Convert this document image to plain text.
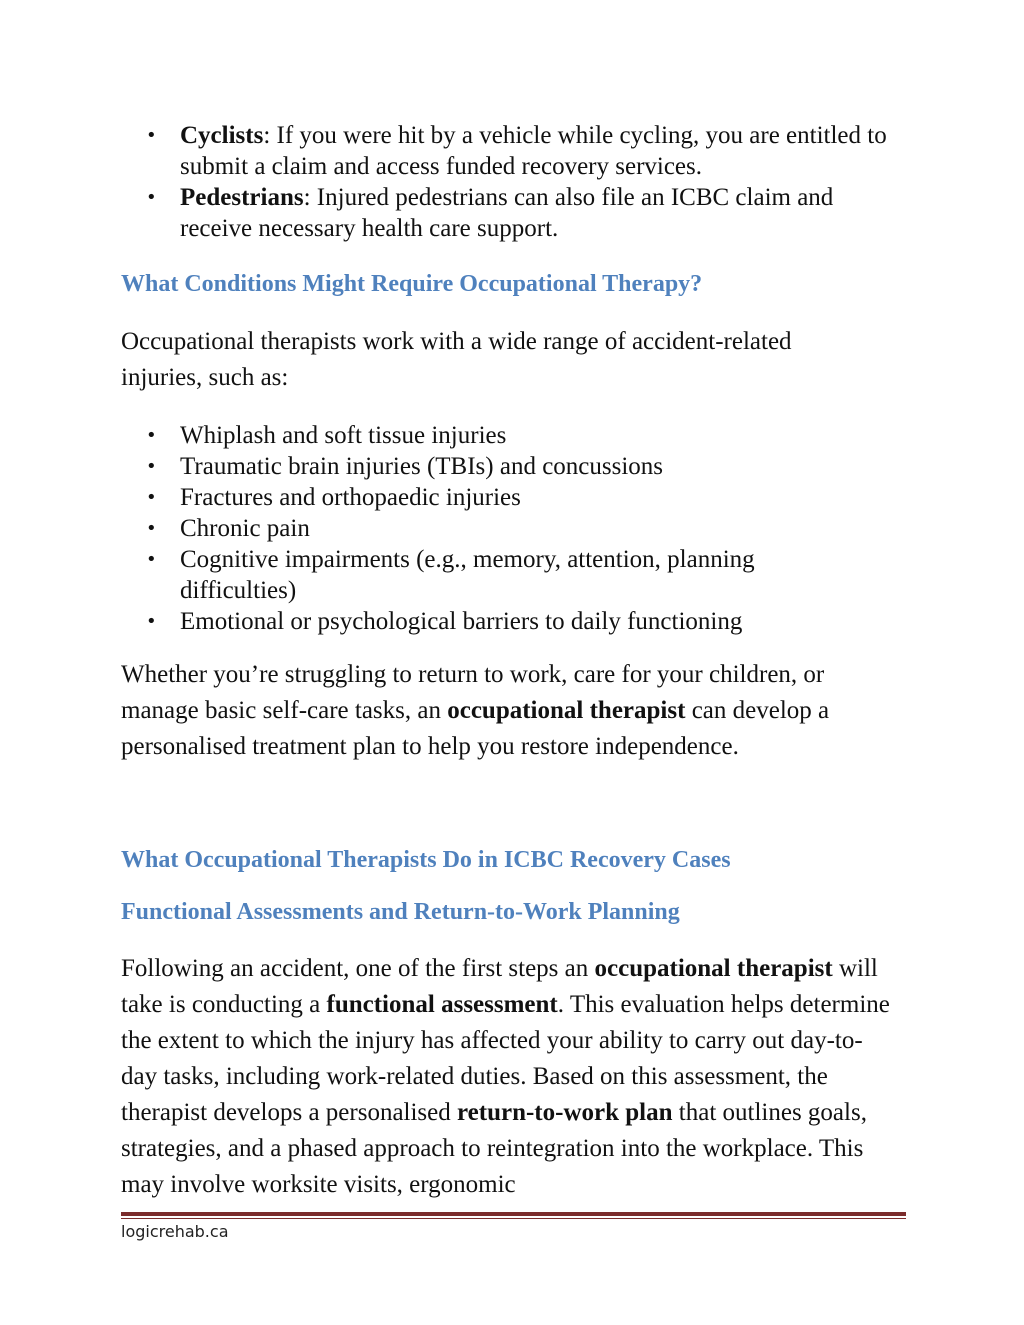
• Cyclists: If you were hit by a vehicle while cycling, you are entitled to submit a claim and access funded recovery services.
• Pedestrians: Injured pedestrians can also file an ICBC claim and receive necessary health care support.
What Conditions Might Require Occupational Therapy?

Occupational therapists work with a wide range of accident-related injuries, such as:

• Whiplash and soft tissue injuries
• Traumatic brain injuries (TBIs) and concussions
• Fractures and orthopaedic injuries
• Chronic pain
• Cognitive impairments (e.g., memory, attention, planning difficulties)
• Emotional or psychological barriers to daily functioning

Whether you’re struggling to return to work, care for your children, or manage basic self-care tasks, an occupational therapist can develop a personalised treatment plan to help you restore independence.

What Occupational Therapists Do in ICBC Recovery Cases
Functional Assessments and Return-to-Work Planning

Following an accident, one of the first steps an occupational therapist will take is conducting a functional assessment. This evaluation helps determine the extent to which the injury has affected your ability to carry out day-to-day tasks, including work-related duties. Based on this assessment, the therapist develops a personalised return-to-work plan that outlines goals, strategies, and a phased approach to reintegration into the workplace. This may involve worksite visits, ergonomic

logicrehab.ca
